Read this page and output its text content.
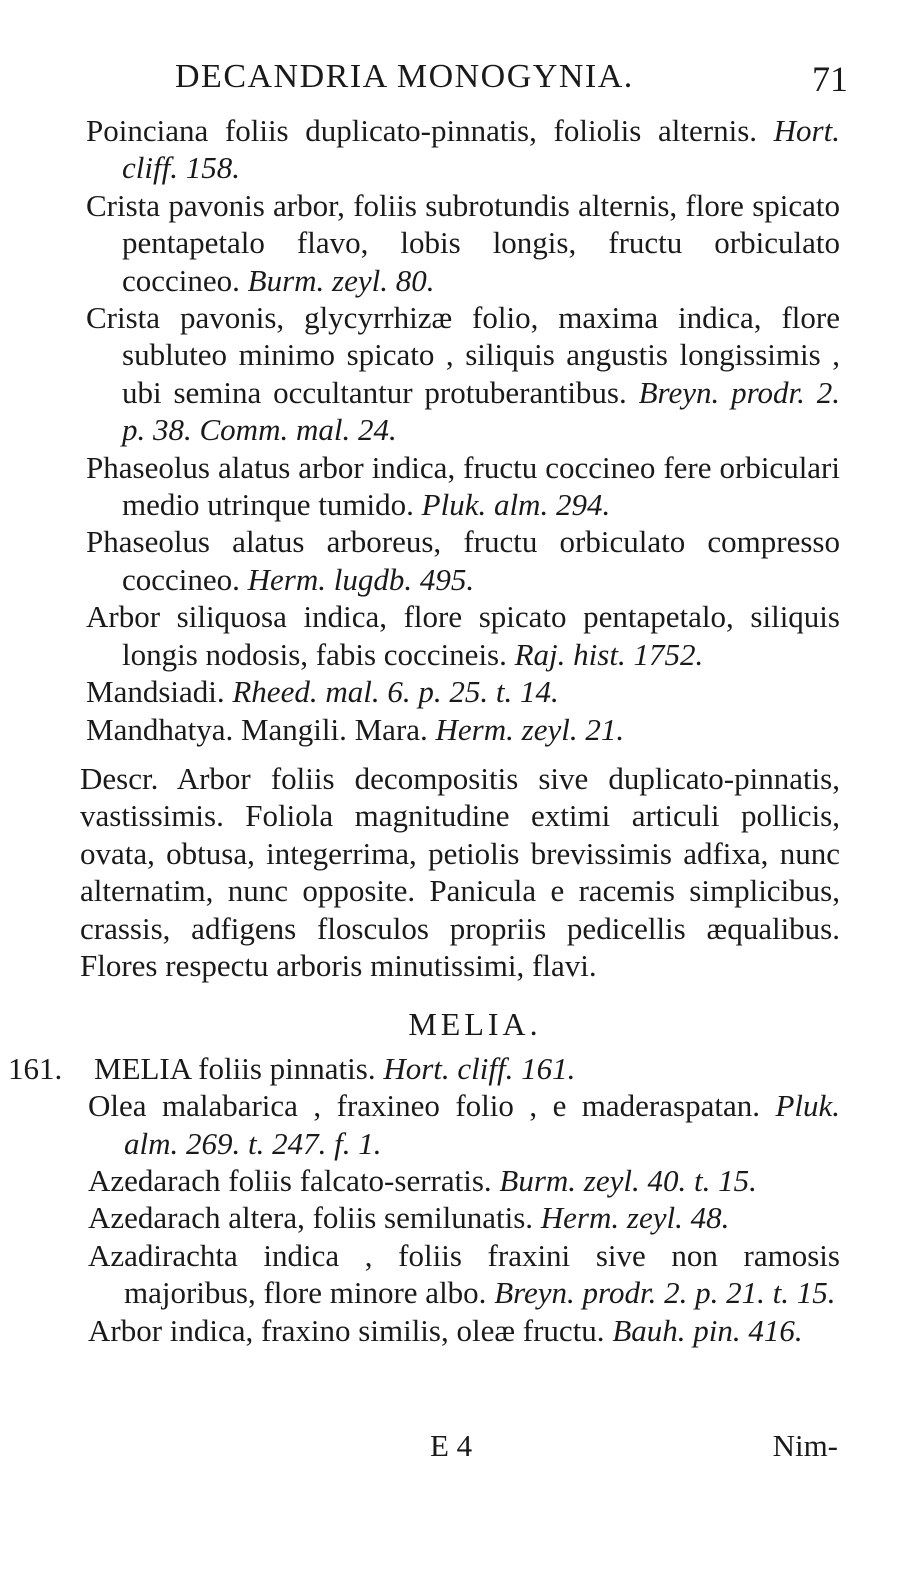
DECANDRIA MONOGYNIA.	71
Poinciana foliis duplicato-pinnatis, foliolis alternis. Hort. cliff. 158.
Crista pavonis arbor, foliis subrotundis alternis, flore spicato pentapetalo flavo, lobis longis, fructu orbiculato coccineo. Burm. zeyl. 80.
Crista pavonis, glycyrrhizæ folio, maxima indica, flore subluteo minimo spicato , siliquis angustis longissimis , ubi semina occultantur protuberantibus. Breyn. prodr. 2. p. 38. Comm. mal. 24.
Phaseolus alatus arbor indica, fructu coccineo fere orbiculari medio utrinque tumido. Pluk. alm. 294.
Phaseolus alatus arboreus, fructu orbiculato compresso coccineo. Herm. lugdb. 495.
Arbor siliquosa indica, flore spicato pentapetalo, siliquis longis nodosis, fabis coccineis. Raj. hist. 1752.
Mandsiadi. Rheed. mal. 6. p. 25. t. 14.
Mandhatya. Mangili. Mara. Herm. zeyl. 21.
Descr. Arbor foliis decompositis sive duplicato-pinnatis, vastissimis. Foliola magnitudine extimi articuli pollicis, ovata, obtusa, integerrima, petiolis brevissimis adfixa, nunc alternatim, nunc opposite. Panicula e racemis simplicibus, crassis, adfigens flosculos propriis pedicellis æqualibus. Flores respectu arboris minutissimi, flavi.
MELIA.
161. MELIA foliis pinnatis. Hort. cliff. 161.
Olea malabarica , fraxineo folio , e maderaspatan. Pluk. alm. 269. t. 247. f. 1.
Azedarach foliis falcato-serratis. Burm. zeyl. 40. t. 15.
Azedarach altera, foliis semilunatis. Herm. zeyl. 48.
Azadirachta indica , foliis fraxini sive non ramosis majoribus, flore minore albo. Breyn. prodr. 2. p. 21. t. 15.
Arbor indica, fraxino similis, oleæ fructu. Bauh. pin. 416.
E 4	Nim-
